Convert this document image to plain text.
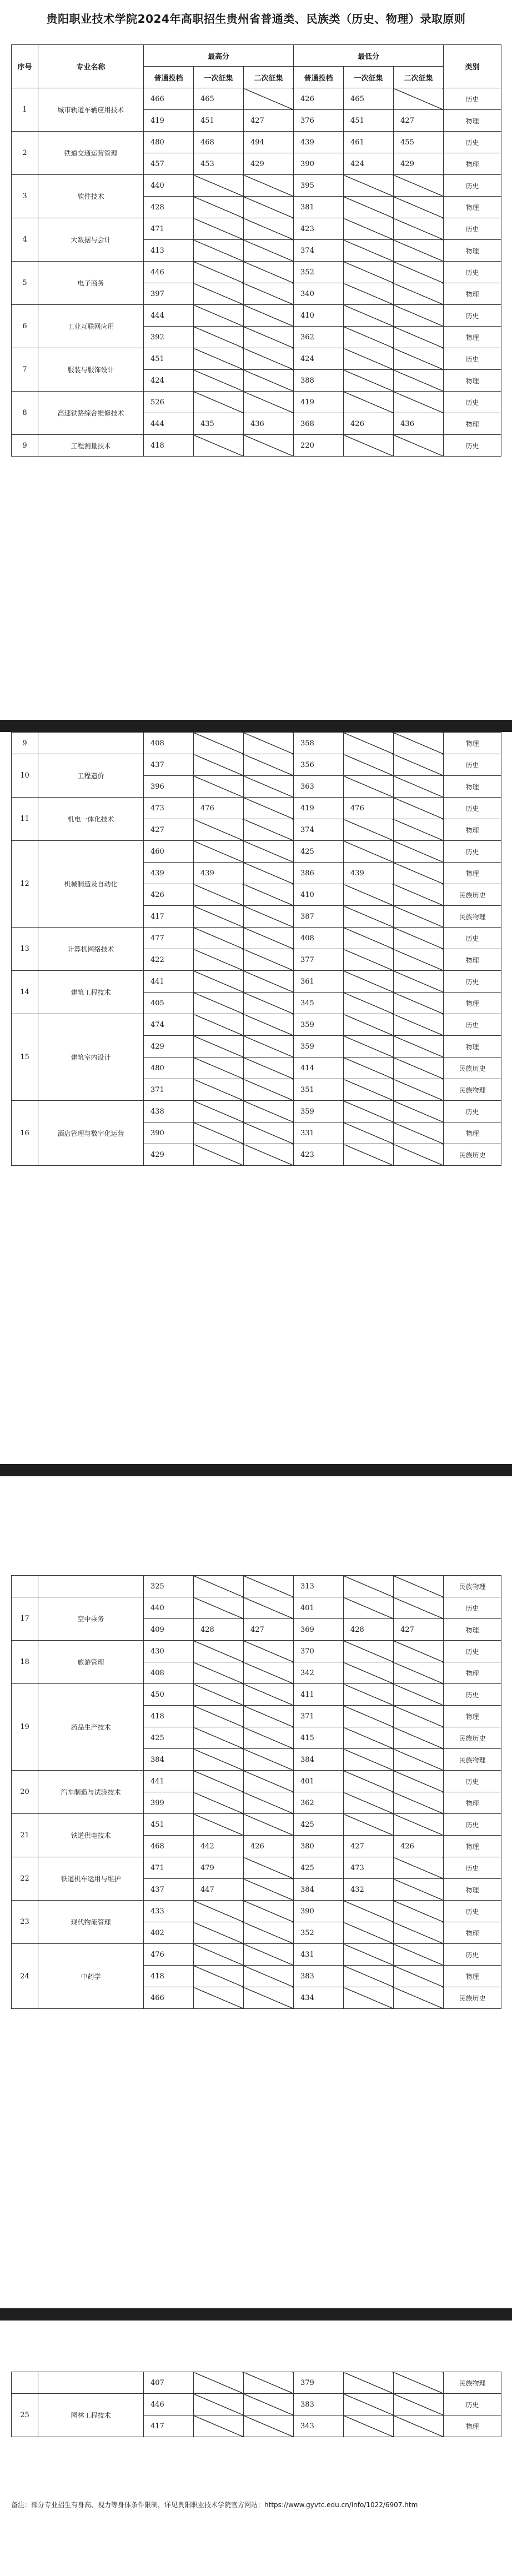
贵阳职业技术学院2024年高职招生贵州省普通类、民族类（历史、物理）录取原则
序号	专业名称	最高分			最低分			类别
		普通投档	一次征集	二次征集	普通投档	一次征集	二次征集	
1	城市轨道车辆应用技术	466	465		426	465		历史
		419	451	427	376	451	427	物理
2	铁道交通运营管理	480	468	494	439	461	455	历史
		457	453	429	390	424	429	物理
3	软件技术	440			395			历史
		428			381			物理
4	大数据与会计	471			423			历史
		413			374			物理
5	电子商务	446			352			历史
		397			340			物理
6	工业互联网应用	444			410			历史
		392			362			物理
7	服装与服饰设计	451			424			历史
		424			388			物理
8	高速铁路综合维修技术	526			419			历史
		444	435	436	368	426	436	物理
9	工程测量技术	418			220			历史
9		408			358			物理
10	工程造价	437			356			历史
		396			363			物理
11	机电一体化技术	473	476		419	476		历史
		427			374			物理
12	机械制造及自动化	460			425			历史
		439	439		386	439		物理
		426			410			民族历史
		417			387			民族物理
13	计算机网络技术	477			408			历史
		422			377			物理
14	建筑工程技术	441			361			历史
		405			345			物理
15	建筑室内设计	474			359			历史
		429			359			物理
		480			414			民族历史
		371			351			民族物理
16	酒店管理与数字化运营	438			359			历史
		390			331			物理
		429			423			民族历史
		325			313			民族物理
17	空中乘务	440			401			历史
		409	428	427	369	428	427	物理
18	旅游管理	430			370			历史
		408			342			物理
19	药品生产技术	450			411			历史
		418			371			物理
		425			415			民族历史
		384			384			民族物理
20	汽车制造与试验技术	441			401			历史
		399			362			物理
21	铁道供电技术	451			425			历史
		468	442	426	380	427	426	物理
22	铁道机车运用与维护	471	479		425	473		历史
		437	447		384	432		物理
23	现代物流管理	433			390			历史
		402			352			物理
24	中药学	476			431			历史
		418			383			物理
		466			434			民族历史
		407			379			民族物理
25	园林工程技术	446			383			历史
		417			343			物理
备注：部分专业招生有身高、视力等身体条件限制，详见贵阳职业技术学院官方网站：https://www.gyvtc.edu.cn/info/1022/6907.htm
